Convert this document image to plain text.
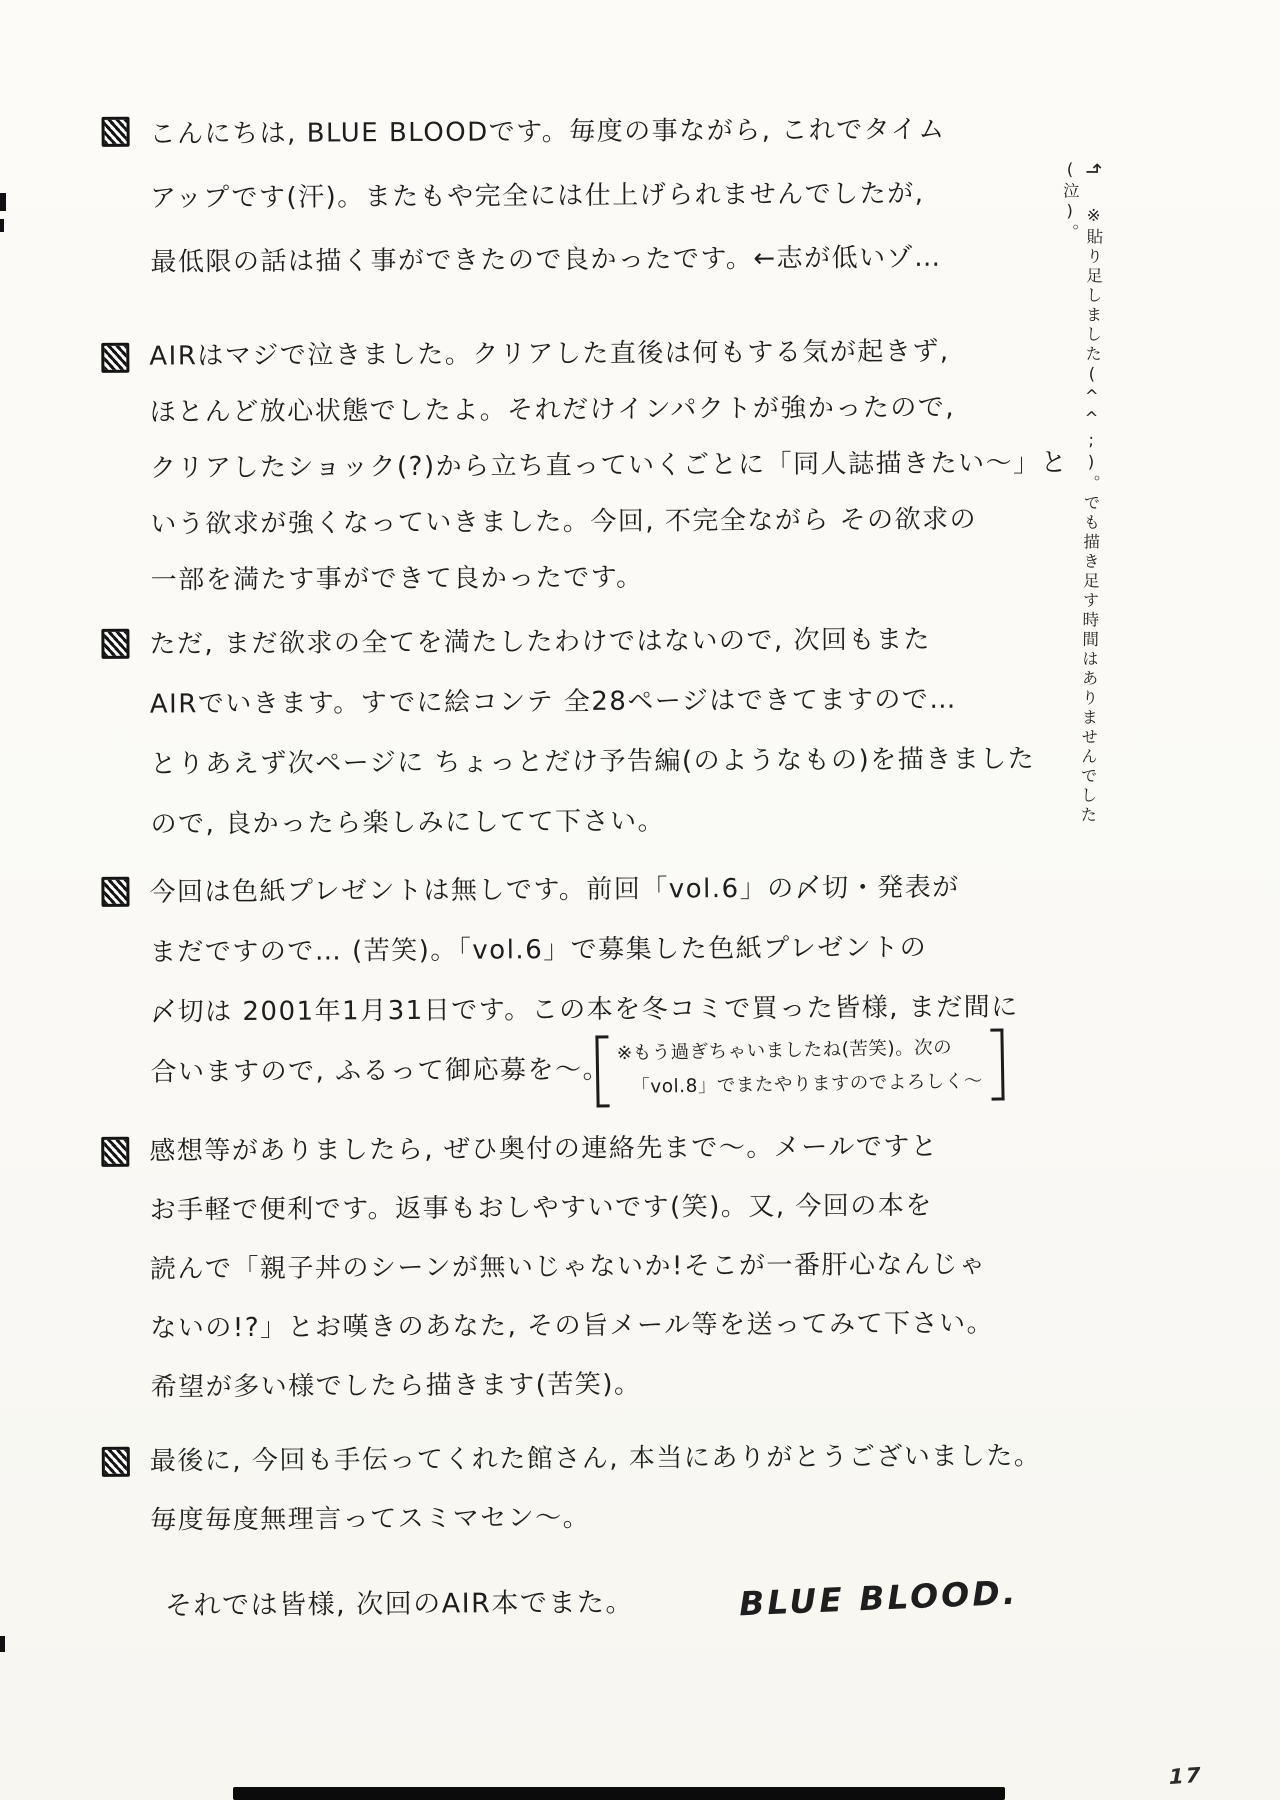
こんにちは, BLUE BLOODです。毎度の事ながら, これでタイム
アップです(汗)。またもや完全には仕上げられませんでしたが,
最低限の話は描く事ができたので良かったです。←志が低いゾ…
AIRはマジで泣きました。クリアした直後は何もする気が起きず,
ほとんど放心状態でしたよ。それだけインパクトが強かったので,
クリアしたショック(?)から立ち直っていくごとに「同人誌描きたい〜」と
いう欲求が強くなっていきました。今回, 不完全ながら その欲求の
一部を満たす事ができて良かったです。
ただ, まだ欲求の全てを満たしたわけではないので, 次回もまた
AIRでいきます。すでに絵コンテ 全28ページはできてますので…
とりあえず次ページに ちょっとだけ予告編(のようなもの)を描きました
ので, 良かったら楽しみにしてて下さい。
今回は色紙プレゼントは無しです。前回「vol.6」の〆切・発表が
まだですので… (苦笑)。「vol.6」で募集した色紙プレゼントの
〆切は 2001年1月31日です。この本を冬コミで買った皆様, まだ間に
合いますので, ふるって御応募を〜。
※もう過ぎちゃいましたね(苦笑)。次の
「vol.8」でまたやりますのでよろしく〜
感想等がありましたら, ぜひ奥付の連絡先まで〜。メールですと
お手軽で便利です。返事もおしやすいです(笑)。又, 今回の本を
読んで「親子丼のシーンが無いじゃないか!そこが一番肝心なんじゃ
ないの!?」とお嘆きのあなた, その旨メール等を送ってみて下さい。
希望が多い様でしたら描きます(苦笑)。
最後に, 今回も手伝ってくれた館さん, 本当にありがとうございました。
毎度毎度無理言ってスミマセン〜。
それでは皆様, 次回のAIR本でまた。	BLUE BLOOD.
↰ ※貼り足しました(^^;)。でも描き足す時間はありませんでした(泣)。
17
